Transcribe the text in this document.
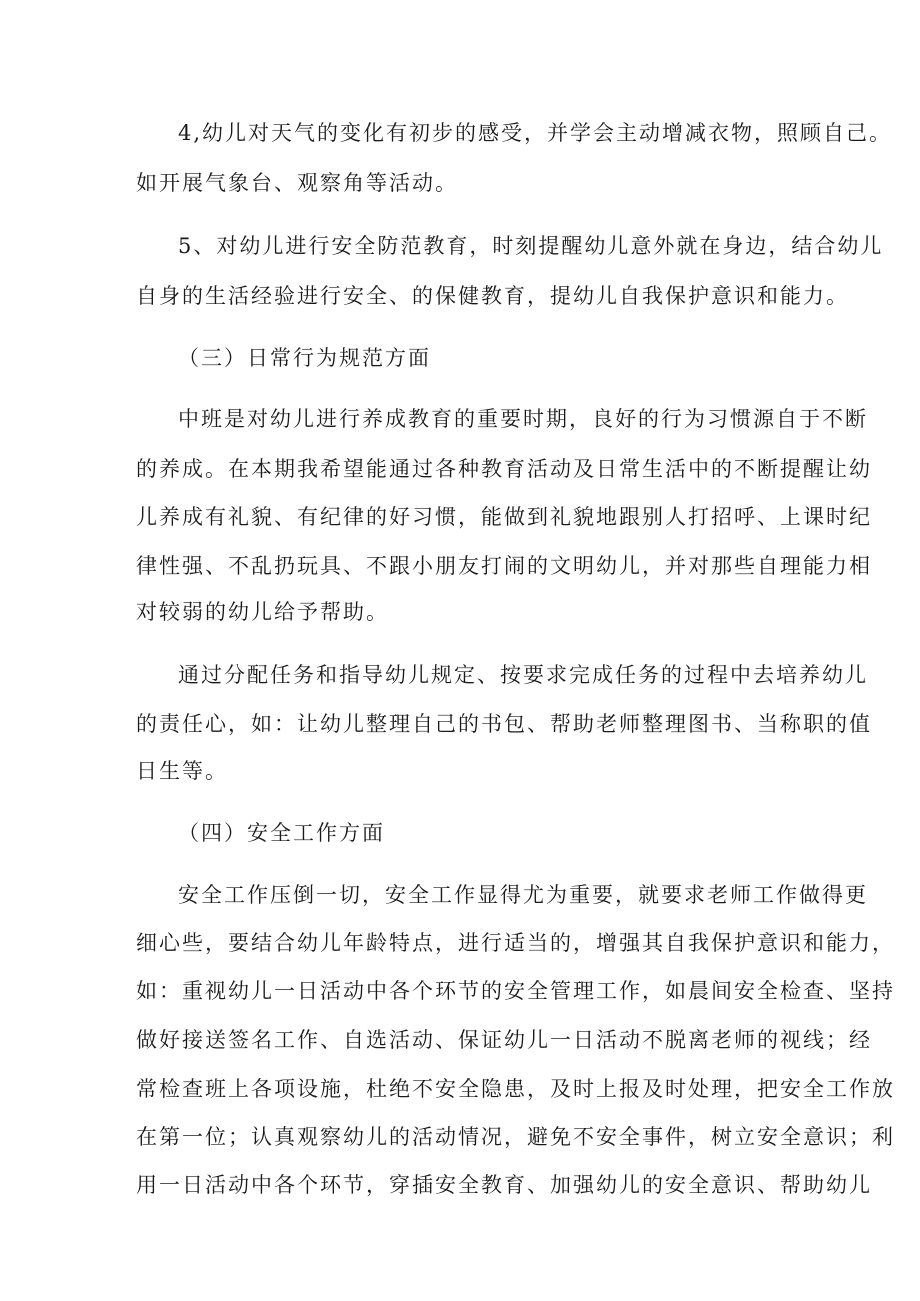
4,幼儿对天气的变化有初步的感受，并学会主动增减衣物，照顾自己。
如开展气象台、观察角等活动。
5、对幼儿进行安全防范教育，时刻提醒幼儿意外就在身边，结合幼儿
自身的生活经验进行安全、的保健教育，提幼儿自我保护意识和能力。
（三）日常行为规范方面
中班是对幼儿进行养成教育的重要时期，良好的行为习惯源自于不断
的养成。在本期我希望能通过各种教育活动及日常生活中的不断提醒让幼
儿养成有礼貌、有纪律的好习惯，能做到礼貌地跟别人打招呼、上课时纪
律性强、不乱扔玩具、不跟小朋友打闹的文明幼儿，并对那些自理能力相
对较弱的幼儿给予帮助。
通过分配任务和指导幼儿规定、按要求完成任务的过程中去培养幼儿
的责任心，如：让幼儿整理自己的书包、帮助老师整理图书、当称职的值
日生等。
（四）安全工作方面
安全工作压倒一切，安全工作显得尤为重要，就要求老师工作做得更
细心些，要结合幼儿年龄特点，进行适当的，增强其自我保护意识和能力，
如：重视幼儿一日活动中各个环节的安全管理工作，如晨间安全检查、坚持
做好接送签名工作、自选活动、保证幼儿一日活动不脱离老师的视线；经
常检查班上各项设施，杜绝不安全隐患，及时上报及时处理，把安全工作放
在第一位；认真观察幼儿的活动情况，避免不安全事件，树立安全意识；利
用一日活动中各个环节，穿插安全教育、加强幼儿的安全意识、帮助幼儿
